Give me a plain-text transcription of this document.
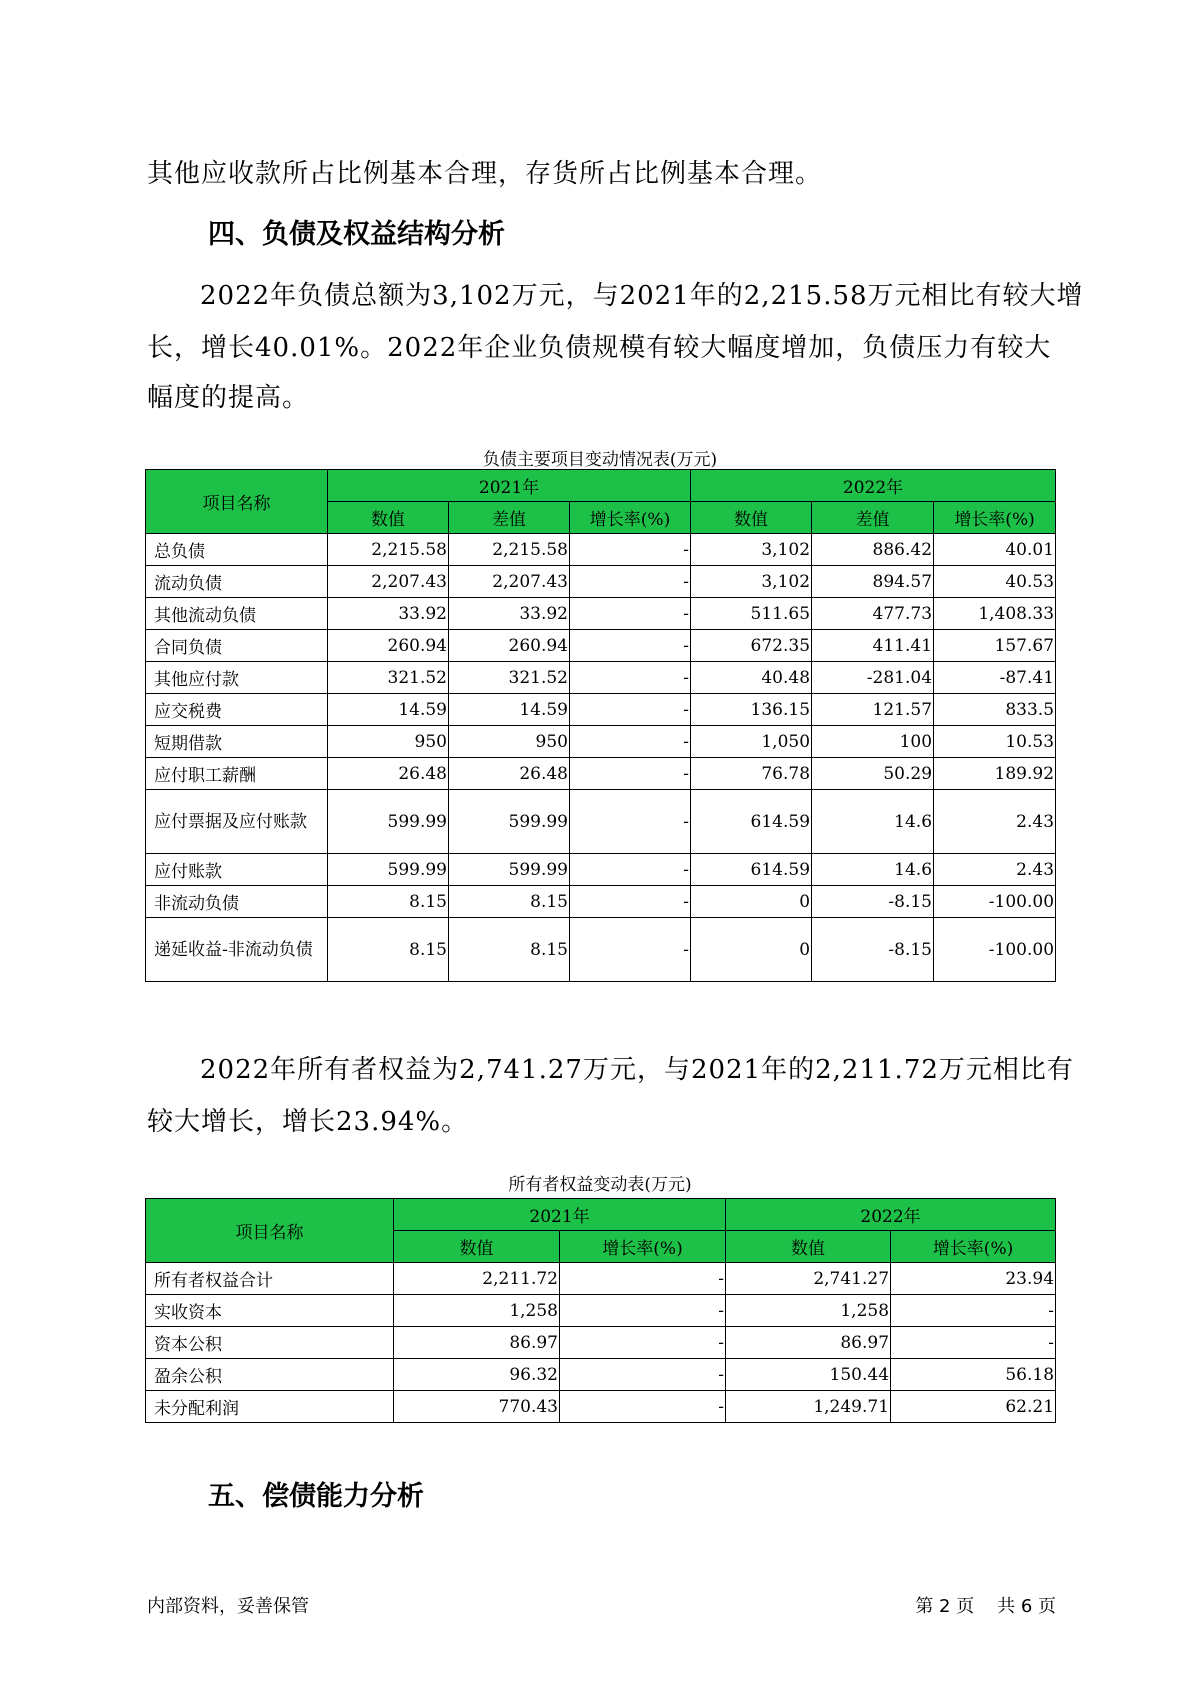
其他应收款所占比例基本合理，存货所占比例基本合理。
四、负债及权益结构分析
2022年负债总额为3,102万元，与2021年的2,215.58万元相比有较大增
长，增长40.01%。2022年企业负债规模有较大幅度增加，负债压力有较大
幅度的提高。
负债主要项目变动情况表(万元)
项目名称	2021年			2022年		
	数值	差值	增长率(%)	数值	差值	增长率(%)
总负债	2,215.58	2,215.58	-	3,102	886.42	40.01
流动负债	2,207.43	2,207.43	-	3,102	894.57	40.53
其他流动负债	33.92	33.92	-	511.65	477.73	1,408.33
合同负债	260.94	260.94	-	672.35	411.41	157.67
其他应付款	321.52	321.52	-	40.48	-281.04	-87.41
应交税费	14.59	14.59	-	136.15	121.57	833.5
短期借款	950	950	-	1,050	100	10.53
应付职工薪酬	26.48	26.48	-	76.78	50.29	189.92
应付票据及应付账款	599.99	599.99	-	614.59	14.6	2.43
应付账款	599.99	599.99	-	614.59	14.6	2.43
非流动负债	8.15	8.15	-	0	-8.15	-100.00
递延收益-非流动负债	8.15	8.15	-	0	-8.15	-100.00
2022年所有者权益为2,741.27万元，与2021年的2,211.72万元相比有
较大增长，增长23.94%。
所有者权益变动表(万元)
项目名称	2021年		2022年	
	数值	增长率(%)	数值	增长率(%)
所有者权益合计	2,211.72	-	2,741.27	23.94
实收资本	1,258	-	1,258	-
资本公积	86.97	-	86.97	-
盈余公积	96.32	-	150.44	56.18
未分配利润	770.43	-	1,249.71	62.21
五、偿债能力分析
内部资料，妥善保管	第 2 页    共 6 页
